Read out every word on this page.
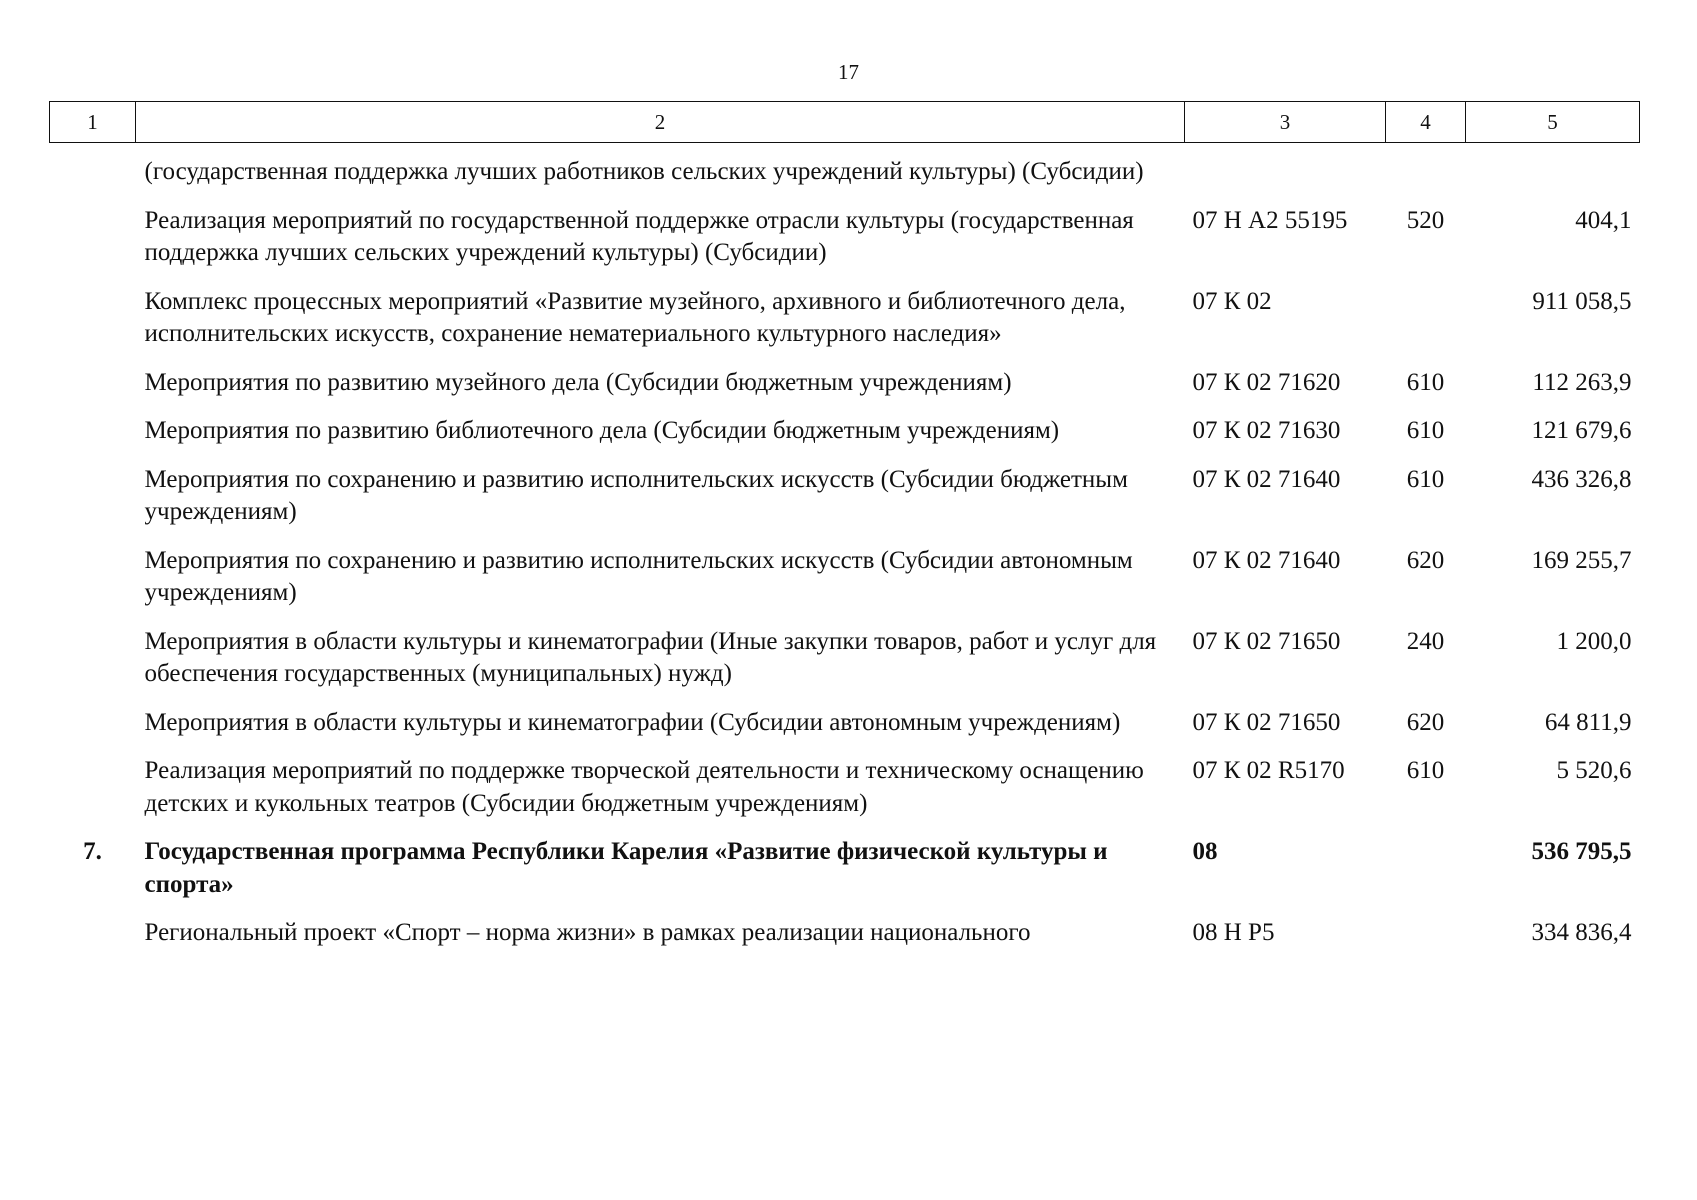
17
1	2	3	4	5

	(государственная поддержка лучших работников сельских учреждений культуры) (Субсидии)			

	Реализация мероприятий по государственной поддержке отрасли культуры (государственная поддержка лучших сельских учреждений культуры) (Субсидии)	07 Н А2 55195	520	404,1

	Комплекс процессных мероприятий «Развитие музейного, архивного и библиотечного дела, исполнительских искусств, сохранение нематериального культурного наследия»	07 К 02		911 058,5

	Мероприятия по развитию музейного дела (Субсидии бюджетным учреждениям)	07 К 02 71620	610	112 263,9

	Мероприятия по развитию библиотечного дела (Субсидии бюджетным учреждениям)	07 К 02 71630	610	121 679,6

	Мероприятия по сохранению и развитию исполнительских искусств (Субсидии бюджетным учреждениям)	07 К 02 71640	610	436 326,8

	Мероприятия по сохранению и развитию исполнительских искусств (Субсидии автономным учреждениям)	07 К 02 71640	620	169 255,7

	Мероприятия в области культуры и кинематографии (Иные закупки товаров, работ и услуг для обеспечения государственных (муниципальных) нужд)	07 К 02 71650	240	1 200,0

	Мероприятия в области культуры и кинематографии (Субсидии автономным учреждениям)	07 К 02 71650	620	64 811,9

	Реализация мероприятий по поддержке творческой деятельности и техническому оснащению детских и кукольных театров (Субсидии бюджетным учреждениям)	07 К 02 R5170	610	5 520,6

7.	Государственная программа Республики Карелия «Развитие физической культуры и спорта»	08		536 795,5

	Региональный проект «Спорт – норма жизни» в рамках реализации национального	08 Н Р5		334 836,4
